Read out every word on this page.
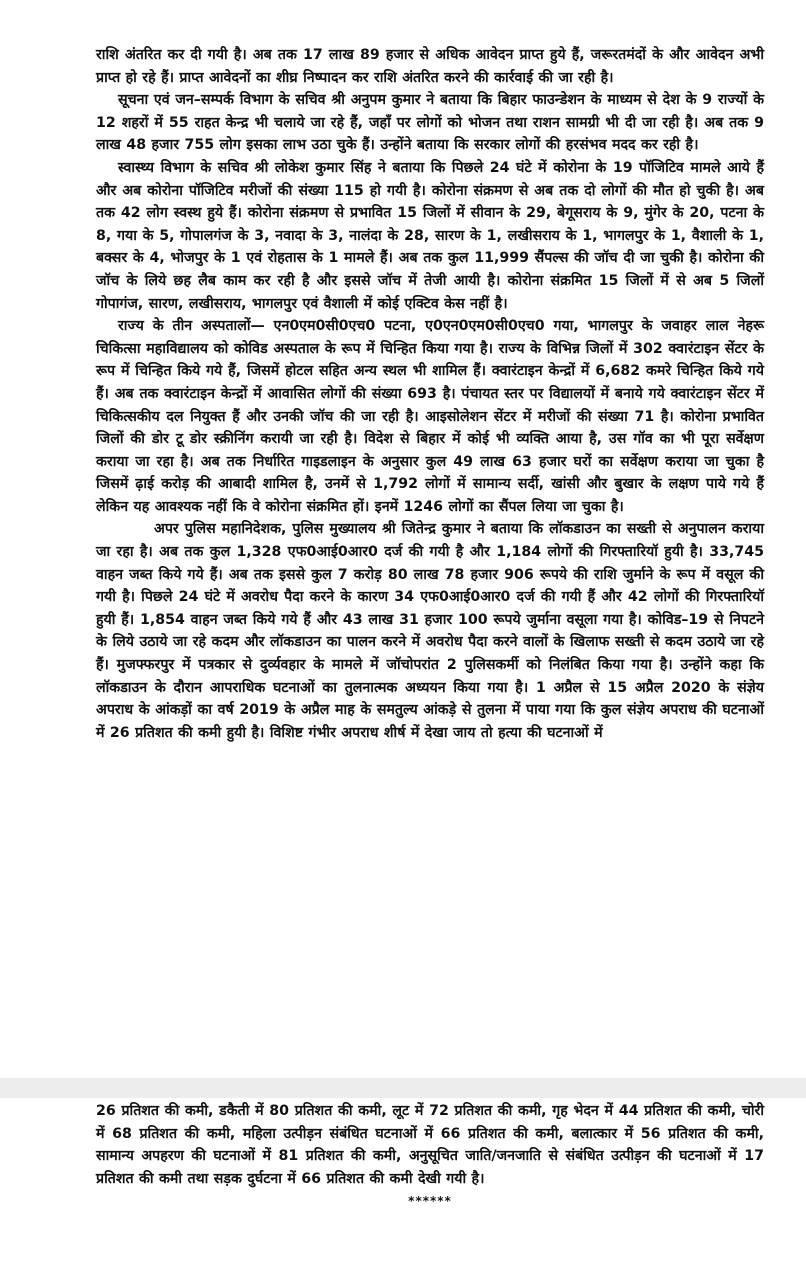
राशि अंतरित कर दी गयी है। अब तक 17 लाख 89 हजार से अधिक आवेदन प्राप्त हुये हैं, जरूरतमंदों के और आवेदन अभी प्राप्त हो रहे हैं। प्राप्त आवेदनों का शीघ्र निष्पादन कर राशि अंतरित करने की कार्रवाई की जा रही है।

सूचना एवं जन–सम्पर्क विभाग के सचिव श्री अनुपम कुमार ने बताया कि बिहार फाउन्डेशन के माध्यम से देश के 9 राज्यों के 12 शहरों में 55 राहत केन्द्र भी चलाये जा रहे हैं, जहाँ पर लोगों को भोजन तथा राशन सामग्री भी दी जा रही है। अब तक 9 लाख 48 हजार 755 लोग इसका लाभ उठा चुके हैं। उन्होंने बताया कि सरकार लोगों की हरसंभव मदद कर रही है।

स्वास्थ्य विभाग के सचिव श्री लोकेश कुमार सिंह ने बताया कि पिछले 24 घंटे में कोरोना के 19 पॉजिटिव मामले आये हैं और अब कोरोना पॉजिटिव मरीजों की संख्या 115 हो गयी है। कोरोना संक्रमण से अब तक दो लोगों की मौत हो चुकी है। अब तक 42 लोग स्वस्थ हुये हैं। कोरोना संक्रमण से प्रभावित 15 जिलों में सीवान के 29, बेगूसराय के 9, मुंगेर के 20, पटना के 8, गया के 5, गोपालगंज के 3, नवादा के 3, नालंदा के 28, सारण के 1, लखीसराय के 1, भागलपुर के 1, वैशाली के 1, बक्सर के 4, भोजपुर के 1 एवं रोहतास के 1 मामले हैं। अब तक कुल 11,999 सैंपल्स की जॉच दी जा चुकी है। कोरोना की जॉच के लिये छह लैब काम कर रही है और इससे जॉच में तेजी आयी है। कोरोना संक्रमित 15 जिलों में से अब 5 जिलों गोपागंज, सारण, लखीसराय, भागलपुर एवं वैशाली में कोई एक्टिव केस नहीं है।

राज्य के तीन अस्पतालों— एन0एम0सी0एच0 पटना, ए0एन0एम0सी0एच0 गया, भागलपुर के जवाहर लाल नेहरू चिकित्सा महाविद्यालय को कोविड अस्पताल के रूप में चिन्हित किया गया है। राज्य के विभिन्न जिलों में 302 क्वारंटाइन सेंटर के रूप में चिन्हित किये गये हैं, जिसमें होटल सहित अन्य स्थल भी शामिल हैं। क्वारंटाइन केन्द्रों में 6,682 कमरे चिन्हित किये गये हैं। अब तक क्वारंटाइन केन्द्रों में आवासित लोगों की संख्या 693 है। पंचायत स्तर पर विद्यालयों में बनाये गये क्वारंटाइन सेंटर में चिकित्सकीय दल नियुक्त हैं और उनकी जॉच की जा रही है। आइसोलेशन सेंटर में मरीजों की संख्या 71 है। कोरोना प्रभावित जिलों की डोर टू डोर स्क्रीनिंग करायी जा रही है। विदेश से बिहार में कोई भी व्यक्ति आया है, उस गॉव का भी पूरा सर्वेक्षण कराया जा रहा है। अब तक निर्धारित गाइडलाइन के अनुसार कुल 49 लाख 63 हजार घरों का सर्वेक्षण कराया जा चुका है जिसमें ढ़ाई करोड़ की आबादी शामिल है, उनमें से 1,792 लोगों में सामान्य सर्दी, खांसी और बुखार के लक्षण पाये गये हैं लेकिन यह आवश्यक नहीं कि वे कोरोना संक्रमित हों। इनमें 1246 लोगों का सैंपल लिया जा चुका है।

अपर पुलिस महानिदेशक, पुलिस मुख्यालय श्री जितेन्द्र कुमार ने बताया कि लॉकडाउन का सख्ती से अनुपालन कराया जा रहा है। अब तक कुल 1,328 एफ0आई0आर0 दर्ज की गयी है और 1,184 लोगों की गिरफ्तारियॉ हुयी है। 33,745 वाहन जब्त किये गये हैं। अब तक इससे कुल 7 करोड़ 80 लाख 78 हजार 906 रूपये की राशि जुर्माने के रूप में वसूल की गयी है। पिछले 24 घंटे में अवरोध पैदा करने के कारण 34 एफ0आई0आर0 दर्ज की गयी हैं और 42 लोगों की गिरफ्तारियॉ हुयी हैं। 1,854 वाहन जब्त किये गये हैं और 43 लाख 31 हजार 100 रूपये जुर्माना वसूला गया है। कोविड–19 से निपटने के लिये उठाये जा रहे कदम और लॉकडाउन का पालन करने में अवरोध पैदा करने वालों के खिलाफ सख्ती से कदम उठाये जा रहे हैं। मुजफ्फरपुर में पत्रकार से दुर्व्यवहार के मामले में जॉचोपरांत 2 पुलिसकर्मी को निलंबित किया गया है। उन्होंने कहा कि लॉकडाउन के दौरान आपराधिक घटनाओं का तुलनात्मक अध्ययन किया गया है। 1 अप्रैल से 15 अप्रैल 2020 के संज्ञेय अपराध के आंकड़ों का वर्ष 2019 के अप्रैल माह के समतुल्य आंकड़े से तुलना में पाया गया कि कुल संज्ञेय अपराध की घटनाओं में 26 प्रतिशत की कमी हुयी है। विशिष्ट गंभीर अपराध शीर्ष में देखा जाय तो हत्या की घटनाओं में

26 प्रतिशत की कमी, डकैती में 80 प्रतिशत की कमी, लूट में 72 प्रतिशत की कमी, गृह भेदन में 44 प्रतिशत की कमी, चोरी में 68 प्रतिशत की कमी, महिला उत्पीड़न संबंधित घटनाओं में 66 प्रतिशत की कमी, बलात्कार में 56 प्रतिशत की कमी, सामान्य अपहरण की घटनाओं में 81 प्रतिशत की कमी, अनुसूचित जाति/जनजाति से संबंधित उत्पीड़न की घटनाओं में 17 प्रतिशत की कमी तथा सड़क दुर्घटना में 66 प्रतिशत की कमी देखी गयी है।

******
